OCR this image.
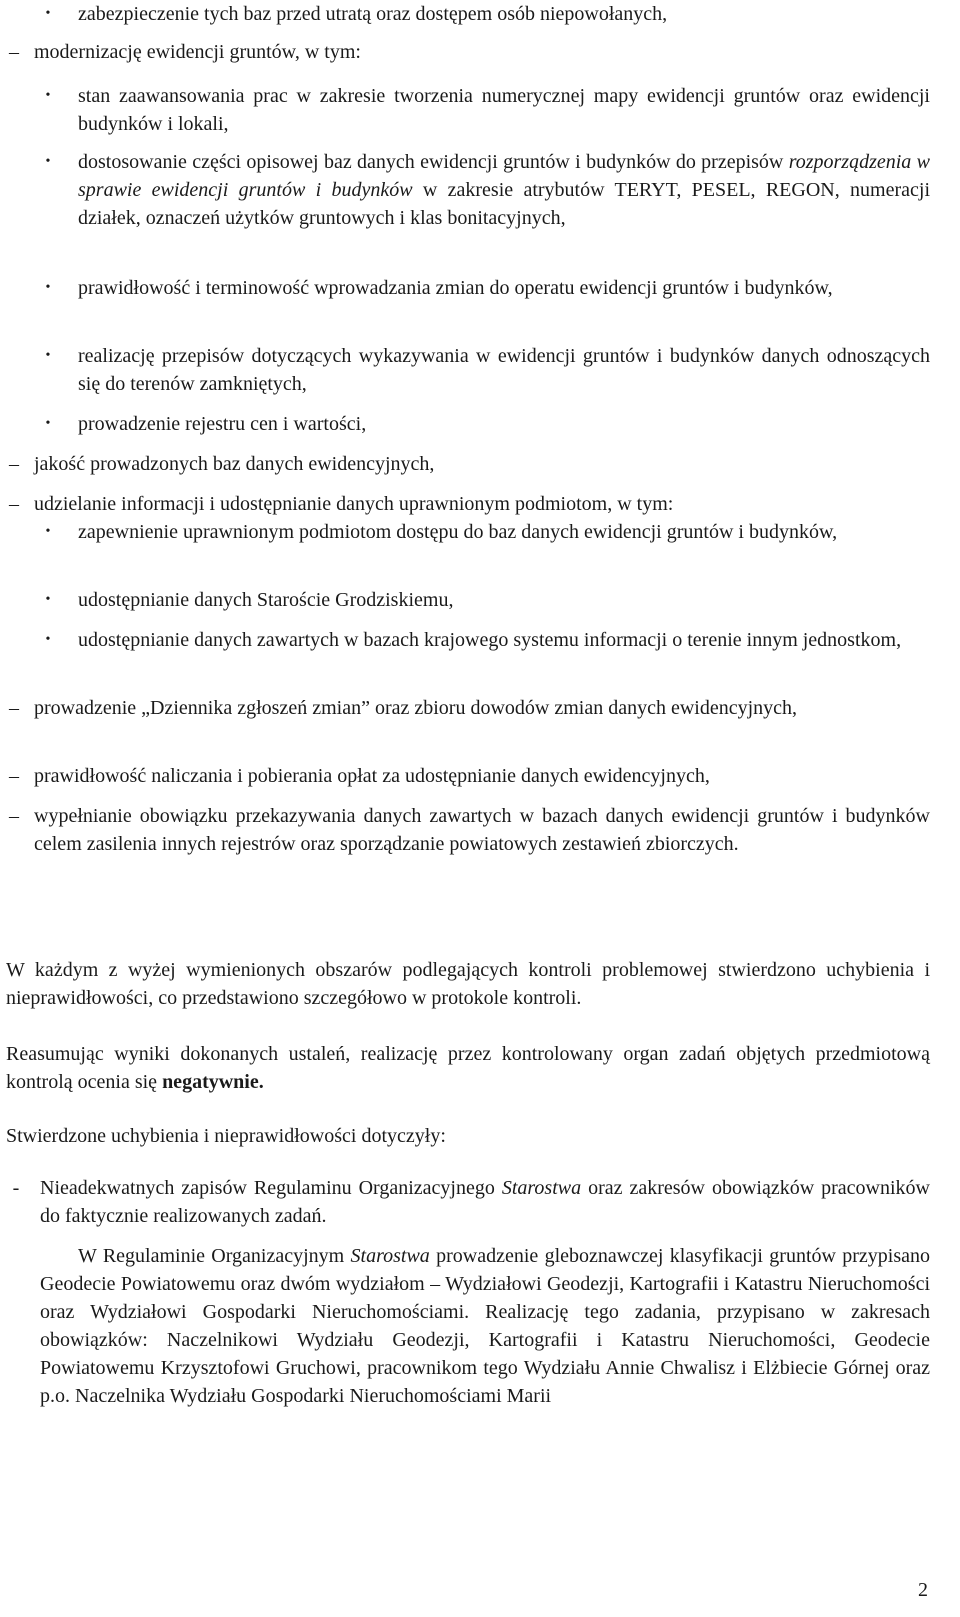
•	zabezpieczenie tych baz przed utratą oraz dostępem osób niepowołanych,
– modernizację ewidencji gruntów, w tym:
•	stan zaawansowania prac w zakresie tworzenia numerycznej mapy ewidencji gruntów oraz ewidencji budynków i lokali,
•	dostosowanie części opisowej baz danych ewidencji gruntów i budynków do przepisów rozporządzenia w sprawie ewidencji gruntów i budynków w zakresie atrybutów TERYT, PESEL, REGON, numeracji działek, oznaczeń użytków gruntowych i klas bonitacyjnych,
•	prawidłowość i terminowość wprowadzania zmian do operatu ewidencji gruntów i budynków,
•	realizację przepisów dotyczących wykazywania w ewidencji gruntów i budynków danych odnoszących się do terenów zamkniętych,
•	prowadzenie rejestru cen i wartości,
– jakość prowadzonych baz danych ewidencyjnych,
– udzielanie informacji i udostępnianie danych uprawnionym podmiotom, w tym:
•	zapewnienie uprawnionym podmiotom dostępu do baz danych ewidencji gruntów i budynków,
•	udostępnianie danych Staroście Grodziskiemu,
•	udostępnianie danych zawartych w bazach krajowego systemu informacji o terenie innym jednostkom,
– prowadzenie „Dziennika zgłoszeń zmian” oraz zbioru dowodów zmian danych ewidencyjnych,
– prawidłowość naliczania i pobierania opłat za udostępnianie danych ewidencyjnych,
– wypełnianie obowiązku przekazywania danych zawartych w bazach danych ewidencji gruntów i budynków celem zasilenia innych rejestrów oraz sporządzanie powiatowych zestawień zbiorczych.
W każdym z wyżej wymienionych obszarów podlegających kontroli problemowej stwierdzono uchybienia i nieprawidłowości, co przedstawiono szczegółowo w protokole kontroli.
Reasumując wyniki dokonanych ustaleń, realizację przez kontrolowany organ zadań objętych przedmiotową kontrolą ocenia się negatywnie.
Stwierdzone uchybienia i nieprawidłowości dotyczyły:
-	Nieadekwatnych zapisów Regulaminu Organizacyjnego Starostwa oraz zakresów obowiązków pracowników do faktycznie realizowanych zadań.
W Regulaminie Organizacyjnym Starostwa prowadzenie gleboznawczej klasyfikacji gruntów przypisano Geodecie Powiatowemu oraz dwóm wydziałom – Wydziałowi Geodezji, Kartografii i Katastru Nieruchomości oraz Wydziałowi Gospodarki Nieruchomościami. Realizację tego zadania, przypisano w zakresach obowiązków: Naczelnikowi Wydziału Geodezji, Kartografii i Katastru Nieruchomości, Geodecie Powiatowemu Krzysztofowi Gruchowi, pracownikom tego Wydziału Annie Chwalisz i Elżbiecie Górnej oraz p.o. Naczelnika Wydziału Gospodarki Nieruchomościami Marii
2
